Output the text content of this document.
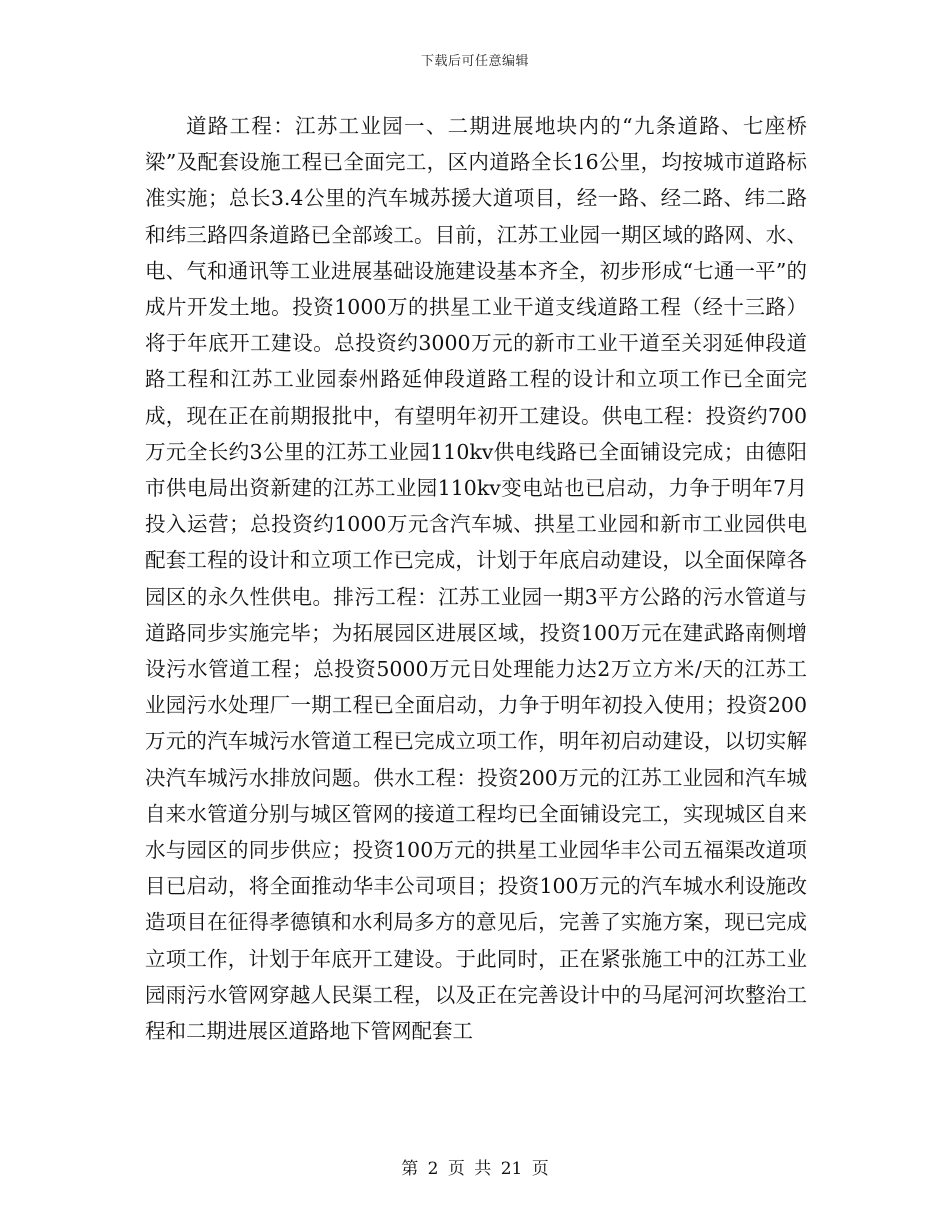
下载后可任意编辑

道路工程：江苏工业园一、二期进展地块内的“九条道路、七座桥梁”及配套设施工程已全面完工，区内道路全长16公里，均按城市道路标准实施；总长3.4公里的汽车城苏援大道项目，经一路、经二路、纬二路和纬三路四条道路已全部竣工。目前，江苏工业园一期区域的路网、水、电、气和通讯等工业进展基础设施建设基本齐全，初步形成“七通一平”的成片开发土地。投资1000万的拱星工业干道支线道路工程（经十三路）将于年底开工建设。总投资约3000万元的新市工业干道至关羽延伸段道路工程和江苏工业园泰州路延伸段道路工程的设计和立项工作已全面完成，现在正在前期报批中，有望明年初开工建设。供电工程：投资约700万元全长约3公里的江苏工业园110kv供电线路已全面铺设完成；由德阳市供电局出资新建的江苏工业园110kv变电站也已启动，力争于明年7月投入运营；总投资约1000万元含汽车城、拱星工业园和新市工业园供电配套工程的设计和立项工作已完成，计划于年底启动建设，以全面保障各园区的永久性供电。排污工程：江苏工业园一期3平方公路的污水管道与道路同步实施完毕；为拓展园区进展区域，投资100万元在建武路南侧增设污水管道工程；总投资5000万元日处理能力达2万立方米/天的江苏工业园污水处理厂一期工程已全面启动，力争于明年初投入使用；投资200万元的汽车城污水管道工程已完成立项工作，明年初启动建设，以切实解决汽车城污水排放问题。供水工程：投资200万元的江苏工业园和汽车城自来水管道分别与城区管网的接道工程均已全面铺设完工，实现城区自来水与园区的同步供应；投资100万元的拱星工业园华丰公司五福渠改道项目已启动，将全面推动华丰公司项目；投资100万元的汽车城水利设施改造项目在征得孝德镇和水利局多方的意见后，完善了实施方案，现已完成立项工作，计划于年底开工建设。于此同时，正在紧张施工中的江苏工业园雨污水管网穿越人民渠工程，以及正在完善设计中的马尾河河坎整治工程和二期进展区道路地下管网配套工

第 2 页 共 21 页
